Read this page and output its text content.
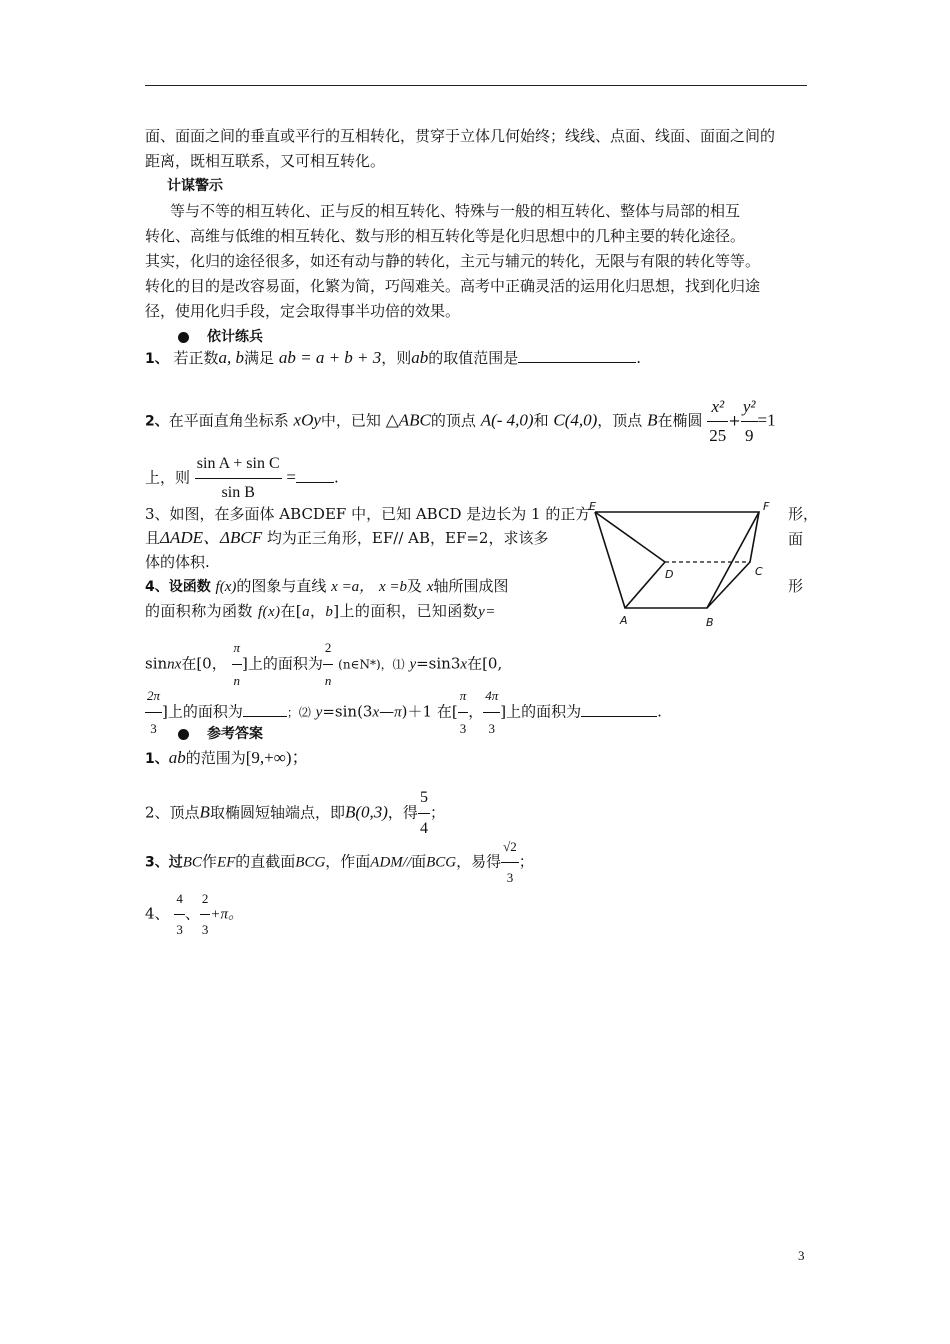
面、面面之间的垂直或平行的互相转化，贯穿于立体几何始终；线线、点面、线面、面面之间的
距离，既相互联系，又可相互转化。
计谋警示
等与不等的相互转化、正与反的相互转化、特殊与一般的相互转化、整体与局部的相互
转化、高维与低维的相互转化、数与形的相互转化等是化归思想中的几种主要的转化途径。
其实，化归的途径很多，如还有动与静的转化，主元与辅元的转化，无限与有限的转化等等。
转化的目的是改容易面，化繁为简，巧闯难关。高考中正确灵活的运用化归思想，找到化归途
径，使用化归手段，定会取得事半功倍的效果。
依计练兵
1、 若正数a, b满足 ab = a + b + 3，则ab的取值范围是	.
2、在平面直角坐标系 xOy中，已知 △ABC的顶点 A(- 4,0)和 C(4,0)，顶点 B在椭圆 $\frac{\text{x²}}{25} + \frac{\text{y²}}{9} =1$
上，则 $\frac{\text{sin A + sin C}}{\text{sin B}}$ =	.
3、如图，在多面体 ABCDEF 中，已知 ABCD 是边长为 1 的正方
且ΔADE、ΔBCF 均为正三角形，EF// AB，EF=2，求该多
体的体积.
形，
面
形
4、设函数 f(x)的图象与直线 x =a， x =b及 x轴所围成图
的面积称为函数 f(x)在[a，b]上的面积，已知函数y=
sinnx在[0， $\frac{\pi}{n}$ ]上的面积为 $\frac{2}{n}$ (n∈N*)，⑴ y=sin3x在[0,
$\frac{2\pi}{3}$ ]上的面积为	；⑵ y=sin(3x—π)＋1 在[ $\frac{\pi}{3}$ ， $\frac{4\pi}{3}$ ]上的面积为	.
参考答案
1、ab的范围为[9,+∞)；
2、顶点B取椭圆短轴端点，即B(0,3)，得 $\frac{5}{4}$ ；
3、过BC作EF的直截面BCG，作面ADM//面BCG，易得 $\frac{√2}{3}$ ；
4、 $\frac{4}{3}$ 、 $\frac{2}{3} +\pi$。
E	F
D	C
A	B
3
